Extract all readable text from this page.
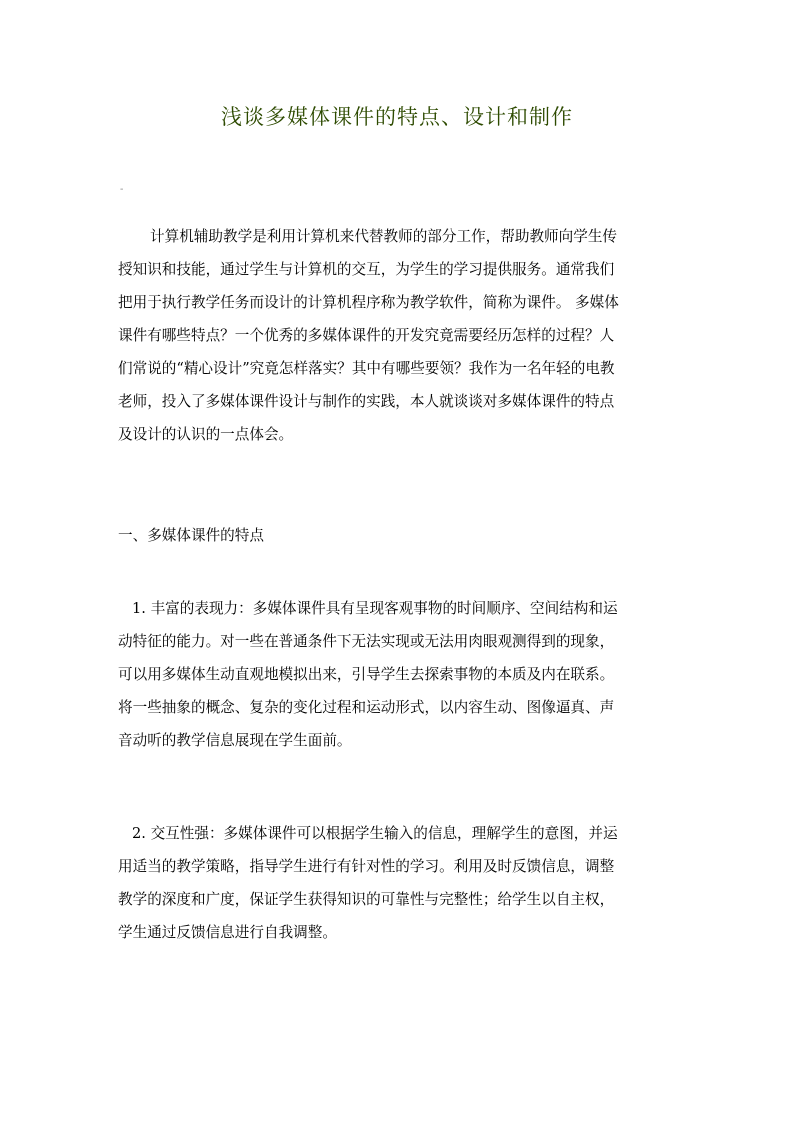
浅谈多媒体课件的特点、设计和制作
-
计算机辅助教学是利用计算机来代替教师的部分工作，帮助教师向学生传
授知识和技能，通过学生与计算机的交互，为学生的学习提供服务。通常我们
把用于执行教学任务而设计的计算机程序称为教学软件，简称为课件。 多媒体
课件有哪些特点？一个优秀的多媒体课件的开发究竟需要经历怎样的过程？人
们常说的“精心设计”究竟怎样落实？其中有哪些要领？我作为一名年轻的电教
老师，投入了多媒体课件设计与制作的实践，本人就谈谈对多媒体课件的特点
及设计的认识的一点体会。
一、多媒体课件的特点
1. 丰富的表现力：多媒体课件具有呈现客观事物的时间顺序、空间结构和运
动特征的能力。对一些在普通条件下无法实现或无法用肉眼观测得到的现象，
可以用多媒体生动直观地模拟出来，引导学生去探索事物的本质及内在联系。
将一些抽象的概念、复杂的变化过程和运动形式，以内容生动、图像逼真、声
音动听的教学信息展现在学生面前。
2. 交互性强：多媒体课件可以根据学生输入的信息，理解学生的意图，并运
用适当的教学策略，指导学生进行有针对性的学习。利用及时反馈信息，调整
教学的深度和广度，保证学生获得知识的可靠性与完整性；给学生以自主权，
学生通过反馈信息进行自我调整。
